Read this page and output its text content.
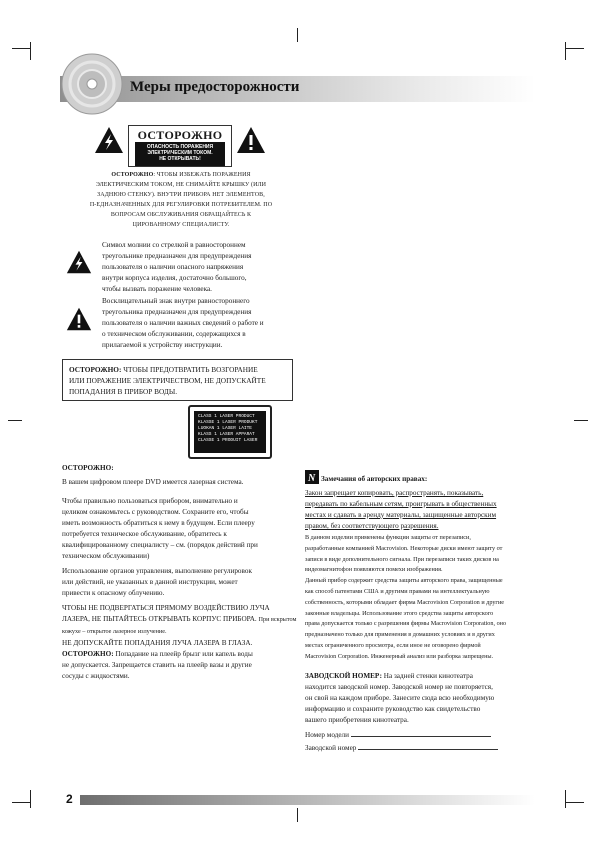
Меры предосторожности
ОСТОРОЖНО
ОПАСНОСТЬ ПОРАЖЕНИЯ
ЭЛЕКТРИЧЕСКИМ ТОКОМ.
НЕ ОТКРЫВАТЬ!
ОСТОРОЖНО: ЧТОБЫ ИЗБЕЖАТЬ ПОРАЖЕНИЯ
ЭЛЕКТРИЧЕСКИМ ТОКОМ, НЕ СНИМАЙТЕ КРЫШКУ (ИЛИ
ЗАДНЮЮ СТЕНКУ). ВНУТРИ ПРИБОРА НЕТ ЭЛЕМЕНТОВ,
П-ЕДНАЗНАЧЕННЫХ ДЛЯ РЕГУЛИРОВКИ ПОТРЕБИТЕЛЕМ. ПО
ВОПРОСАМ ОБСЛУЖИВАНИЯ ОБРАЩАЙТЕСЬ К
ЦИРОВАННОМУ СПЕЦИАЛИСТУ.
Символ молнии со стрелкой в равностороннем
треугольнике предназначен для предупреждения
пользователя о наличии опасного напряжения
внутри корпуса изделия, достаточно большого,
чтобы вызвать поражение человека.
Восклицательный знак внутри равностороннего
треугольника предназначен для предупреждения
пользователя о наличии важных сведений о работе и
о техническом обслуживании, содержащихся в
прилагаемой к устройству инструкции.
ОСТОРОЖНО: ЧТОБЫ ПРЕДОТВРАТИТЬ ВОЗГОРАНИЕ
ИЛИ ПОРАЖЕНИЕ ЭЛЕКТРИЧЕСТВОМ, НЕ ДОПУСКАЙТЕ
ПОПАДАНИЯ В ПРИБОР ВОДЫ.
CLASS 1 LASER PRODUCT
KLASSE 1 LASER PRODUKT
LUOKAN 1 LASER LAITE
KLASS 1 LASER APPARAT
CLASSE 1 PRODUIT LASER
ОСТОРОЖНО:
В вашем цифровом плеере DVD имеется лазерная система.
Чтобы правильно пользоваться прибором, внимательно и
целиком ознакомьтесь с руководством. Сохраните его, чтобы
иметь возможность обратиться к нему в будущем. Если плееру
потребуется техническое обслуживание, обратитесь к
квалифицированному специалисту – см. (порядок действий при
техническом обслуживании)
Использование органов управления, выполнение регулировок
или действий, не указанных в данной инструкции, может
привести к опасному облучению.
ЧТОБЫ НЕ ПОДВЕРГАТЬСЯ ПРЯМОМУ ВОЗДЕЙСТВИЮ ЛУЧА
ЛАЗЕРА, НЕ ПЫТАЙТЕСЬ ОТКРЫВАТЬ КОРПУС ПРИБОРА. При вскрытом кожухе – открытое лазерное излучение.
НЕ ДОПУСКАЙТЕ ПОПАДАНИЯ ЛУЧА ЛАЗЕРА В ГЛАЗА.
ОСТОРОЖНО: Попадание на плеейр брызг или капель воды
не допускается. Запрещается ставить на плеейр вазы и другие
сосуды с жидкостями.
N Замечания об авторских правах:
Закон запрещает копировать, распространять, показывать,
передавать по кабельным сетям, проигрывать в общественных
местах и сдавать в аренду материалы, защищенные авторским
правом, без соответствующего разрешения.
В данном изделии применены функции защиты от перезаписи,
разработанные компанией Macrovision. Некоторые диски имеют защиту от
записи в виде дополнительного сигнала. При перезаписи таких дисков на
видеомагнитофон появляются помехи изображения.
Данный прибор содержит средства защиты авторского права, защищенные
как способ патентами США и другими правами на интеллектуальную
собственность, которыми обладает фирма Macrovision Corporation и другие
законные владельцы. Использование этого средства защиты авторского
права допускается только с разрешения фирмы Macrovision Corporation, оно
предназначено только для применения в домашних условиях и в других
местах ограниченного просмотра, если иное не оговорено фирмой
Macrovision Corporation. Инженерный анализ или разборка запрещены.
ЗАВОДСКОЙ НОМЕР: На задней стенки кинотеатра
находится заводской номер. Заводской номер не повторяется,
он свой на каждом приборе. Занесите сюда всю необходимую
информацию и сохраните руководство как свидетельство
вашего приобретения кинотеатра.
Номер модели
Заводской номер
2
